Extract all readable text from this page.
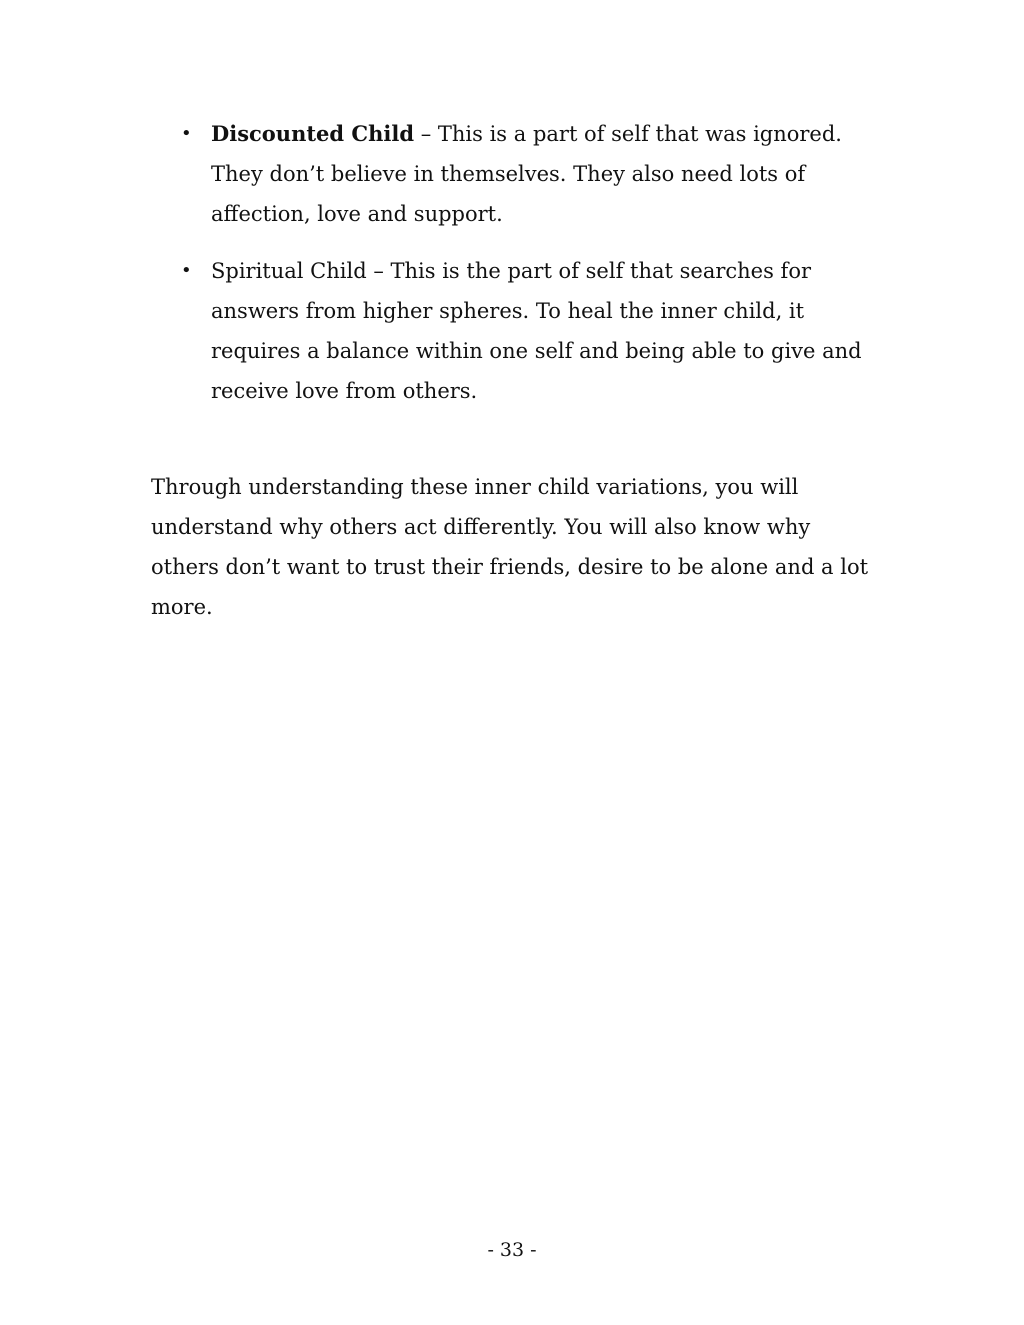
• Discounted Child – This is a part of self that was ignored. They don’t believe in themselves. They also need lots of affection, love and support.
• Spiritual Child – This is the part of self that searches for answers from higher spheres. To heal the inner child, it requires a balance within one self and being able to give and receive love from others.

Through understanding these inner child variations, you will understand why others act differently. You will also know why others don’t want to trust their friends, desire to be alone and a lot more.

- 33 -
